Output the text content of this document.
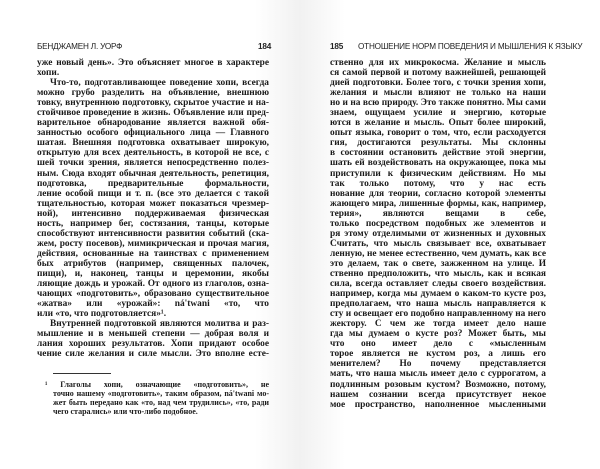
БЕНДЖАМЕН Л. УОРФ	184
уже новый день». Это объясняет многое в характере
хопи.
Что-то, подготавливающее поведение хопи, всегда
можно грубо разделить на объявление, внешнюю
товку, внутреннюю подготовку, скрытое участие и на-
стойчивое проведение в жизнь. Объявление или пред-
варительное обнародование является важной обя-
занностью особого официального лица — Главного
шатая. Внешняя подготовка охватывает широкую,
открытую для всех деятельность, в которой не все, с
шей точки зрения, является непосредственно полез-
ным. Сюда входят обычная деятельность, репетиция,
подготовка, предварительные формальности,
ление особой пищи и т. п. (все это делается с такой
тщательностью, которая может показаться чрезмер-
ной), интенсивно поддерживаемая физическая
ность, например бег, состязания, танцы, которые
способствуют интенсивности развития событий (ска-
жем, росту посевов), мимикрическая и прочая магия,
действия, основанные на таинствах с применением
бых атрибутов (например, священных палочек,
пищи), и, наконец, танцы и церемонии, якобы
ляющие дождь и урожай. От одного из глаголов, озна-
чающих «подготовить», образовано существительное
«жатва» или «урожай»: ná'twani «то, что
или «то, что подготовляется»¹.
Внутренней подготовкой являются молитва и раз-
мышление и в меньшей степени — добрая воля и
лания хороших результатов. Хопи придают особое
чение силе желания и силе мысли. Это вполне есте-
¹ Глаголы хопи, означающие «подготовить», не
точно нашему «подготовить», таким образом, ná'twani мо-
жет быть передано как «то, над чем трудились», «то, ради
чего старались» или что-либо подобное.
185 ОТНОШЕНИЕ НОРМ ПОВЕДЕНИЯ И МЫШЛЕНИЯ К ЯЗЫКУ
ственно для их микрокосма. Желание и мысль
ся самой первой и потому важнейшей, решающей
дией подготовки. Более того, с точки зрения хопи,
желания и мысли влияют не только на наши
но и на всю природу. Это также понятно. Мы сами
знаем, ощущаем усилие и энергию, которые
ются в желание и мысль. Опыт более широкий,
опыт языка, говорит о том, что, если расходуется
гия, достигаются результаты. Мы склонны
в состоянии остановить действие этой энергии,
шать ей воздействовать на окружающее, пока мы
приступили к физическим действиям. Но мы
так только потому, что у нас есть
нование для теории, согласно которой элементы
жающего мира, лишенные формы, как, например,
терия», являются вещами в себе,
только посредством подобных же элементов и
ря этому отделимыми от жизненных и духовных
Считать, что мысль связывает все, охватывает
ленную, не менее естественно, чем думать, как все
это делаем, так о свете, зажженном на улице. И
ственно предположить, что мысль, как и всякая
сила, всегда оставляет следы своего воздействия.
например, когда мы думаем о каком-то кусте роз,
предполагаем, что наша мысль направляется к
сту и освещает его подобно направленному на него
жектору. С чем же тогда имеет дело наше
гда мы думаем о кусте роз? Может быть, мы
что оно имеет дело с «мысленным
торое является не кустом роз, а лишь его
менителем? Но почему представляется
мать, что наша мысль имеет дело с суррогатом, а
подлинным розовым кустом? Возможно, потому,
нашем сознании всегда присутствует некое
мое пространство, наполненное мысленными
